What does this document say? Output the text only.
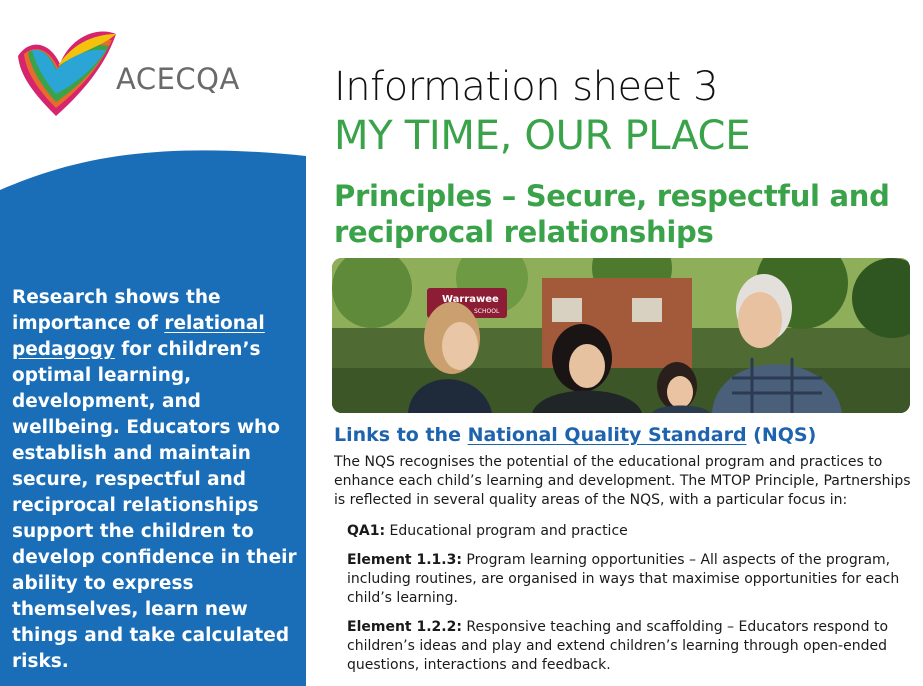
ACECQA
Research shows the importance of relational pedagogy for children’s optimal learning, development, and wellbeing. Educators who establish and maintain secure, respectful and reciprocal relationships support the children to develop confidence in their ability to express themselves, learn new things and take calculated risks.
Information sheet 3
MY TIME, OUR PLACE
Principles – Secure, respectful and reciprocal relationships
Warrawee
SCHOOL
Links to the National Quality Standard (NQS)
The NQS recognises the potential of the educational program and practices to enhance each child’s learning and development. The MTOP Principle, Partnerships is reflected in several quality areas of the NQS, with a particular focus in:
QA1: Educational program and practice
Element 1.1.3: Program learning opportunities – All aspects of the program, including routines, are organised in ways that maximise opportunities for each child’s learning.
Element 1.2.2: Responsive teaching and scaffolding – Educators respond to children’s ideas and play and extend children’s learning through open-ended questions, interactions and feedback.
